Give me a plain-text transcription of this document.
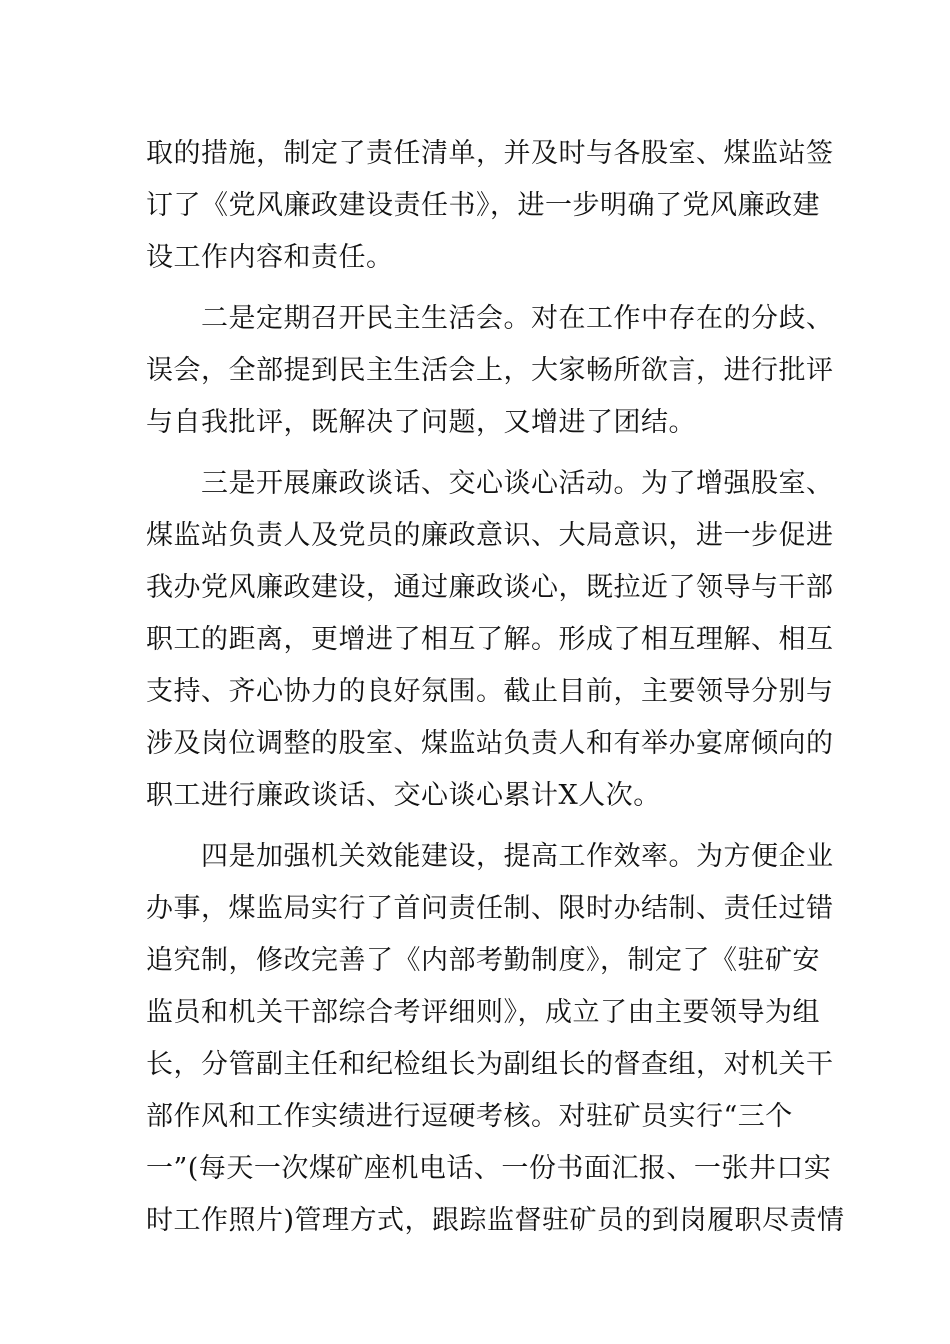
取的措施，制定了责任清单，并及时与各股室、煤监站签
订了《党风廉政建设责任书》，进一步明确了党风廉政建
设工作内容和责任。

　　二是定期召开民主生活会。对在工作中存在的分歧、
误会，全部提到民主生活会上，大家畅所欲言，进行批评
与自我批评，既解决了问题，又增进了团结。

　　三是开展廉政谈话、交心谈心活动。为了增强股室、
煤监站负责人及党员的廉政意识、大局意识，进一步促进
我办党风廉政建设，通过廉政谈心，既拉近了领导与干部
职工的距离，更增进了相互了解。形成了相互理解、相互
支持、齐心协力的良好氛围。截止目前，主要领导分别与
涉及岗位调整的股室、煤监站负责人和有举办宴席倾向的
职工进行廉政谈话、交心谈心累计X人次。

　　四是加强机关效能建设，提高工作效率。为方便企业
办事，煤监局实行了首问责任制、限时办结制、责任过错
追究制，修改完善了《内部考勤制度》，制定了《驻矿安
监员和机关干部综合考评细则》，成立了由主要领导为组
长，分管副主任和纪检组长为副组长的督查组，对机关干
部作风和工作实绩进行逗硬考核。对驻矿员实行“三个
一”(每天一次煤矿座机电话、一份书面汇报、一张井口实
时工作照片)管理方式，跟踪监督驻矿员的到岗履职尽责情
